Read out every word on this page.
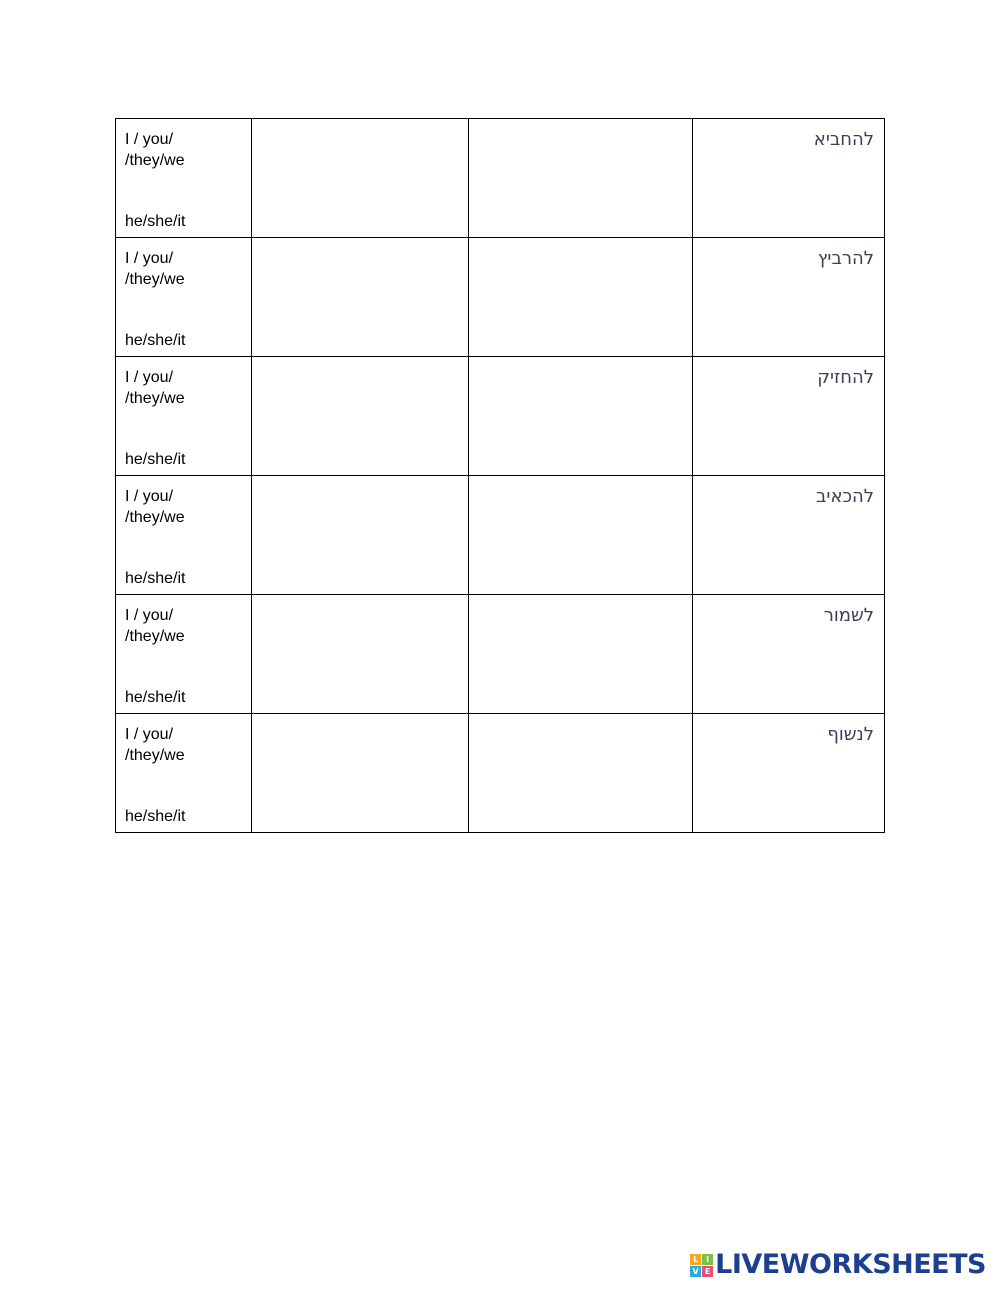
I / you/
/they/we
he/she/it			להחביא

I / you/
/they/we
he/she/it			להרביץ

I / you/
/they/we
he/she/it			להחזיק

I / you/
/they/we
he/she/it			להכאיב

I / you/
/they/we
he/she/it			לשמור

I / you/
/they/we
he/she/it			לנשוף
L I
V E LIVEWORKSHEETS
